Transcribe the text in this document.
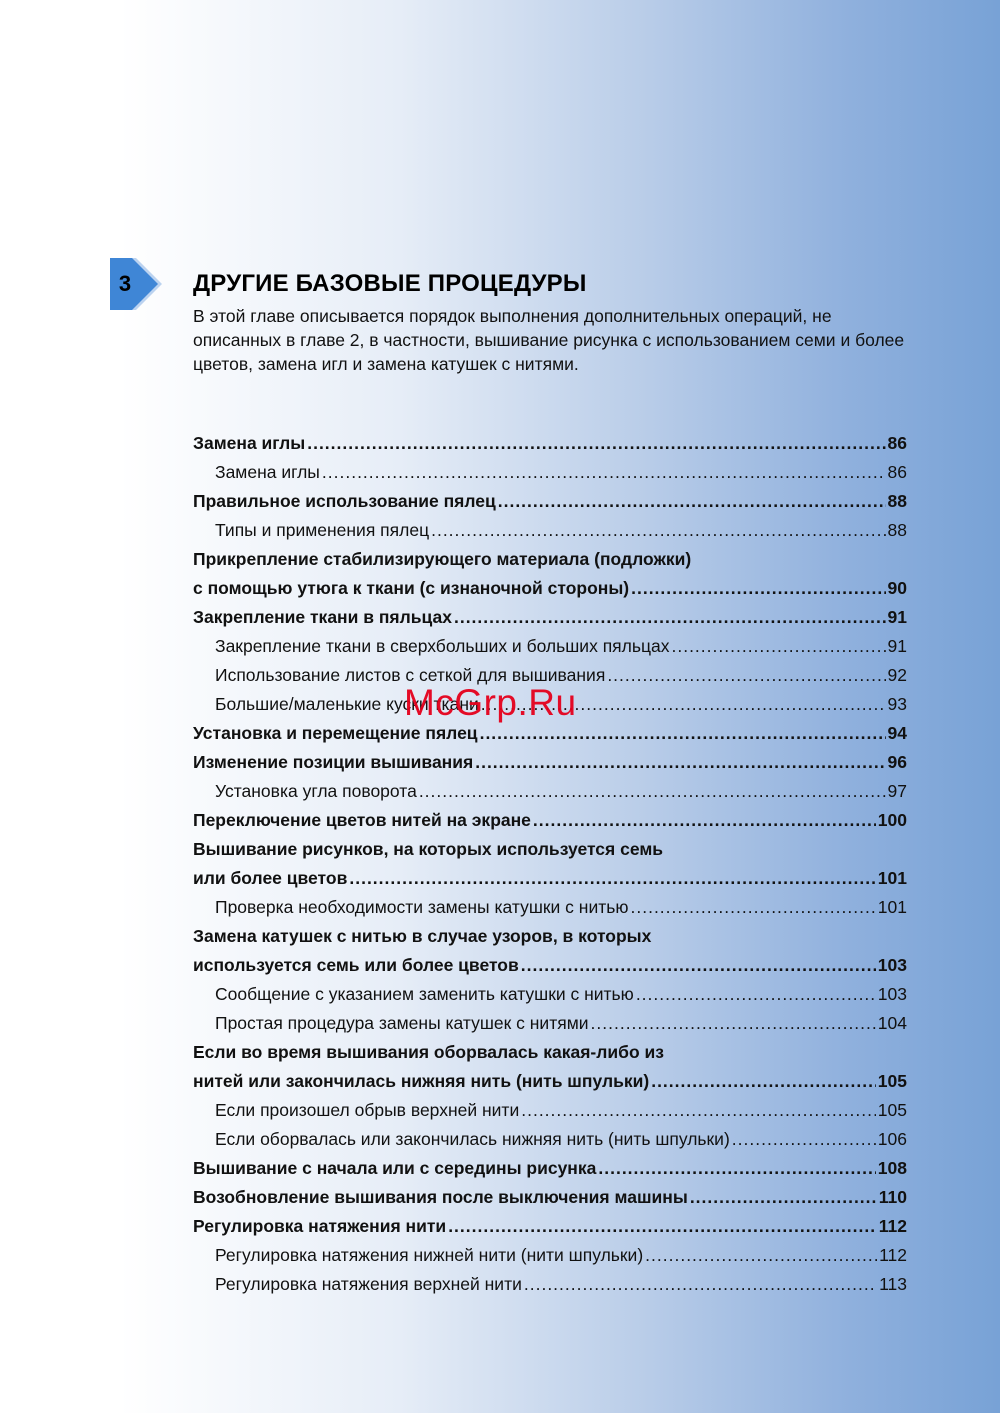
3	ДРУГИЕ БАЗОВЫЕ ПРОЦЕДУРЫ

В этой главе описывается порядок выполнения дополнительных операций, не описанных в главе 2, в частности, вышивание рисунка с использованием семи и более цветов, замена игл и замена катушек с нитями.

Замена иглы .....	86
Замена иглы .....	86
Правильное использование пялец .....	88
Типы и применения пялец .....	88
Прикрепление стабилизирующего материала (подложки)
с помощью утюга к ткани (с изнаночной стороны) .....	90
Закрепление ткани в пяльцах .....	91
Закрепление ткани в сверхбольших и больших пяльцах .....	91
Использование листов с сеткой для вышивания .....	92
Большие/маленькие куски ткани .....	93
Установка и перемещение пялец .....	94
Изменение позиции вышивания .....	96
Установка угла поворота .....	97
Переключение цветов нитей на экране .....	100
Вышивание рисунков, на которых используется семь
или более цветов .....	101
Проверка необходимости замены катушки с нитью .....	101
Замена катушек с нитью в случае узоров, в которых
используется семь или более цветов .....	103
Сообщение с указанием заменить катушки с нитью .....	103
Простая процедура замены катушек с нитями .....	104
Если во время вышивания оборвалась какая-либо из
нитей или закончилась нижняя нить (нить шпульки) .....	105
Если произошел обрыв верхней нити .....	105
Если оборвалась или закончилась нижняя нить (нить шпульки) .....	106
Вышивание с начала или с середины рисунка .....	108
Возобновление вышивания после выключения машины .....	110
Регулировка натяжения нити .....	112
Регулировка натяжения нижней нити (нити шпульки) .....	112
Регулировка натяжения верхней нити .....	113
McGrp.Ru
